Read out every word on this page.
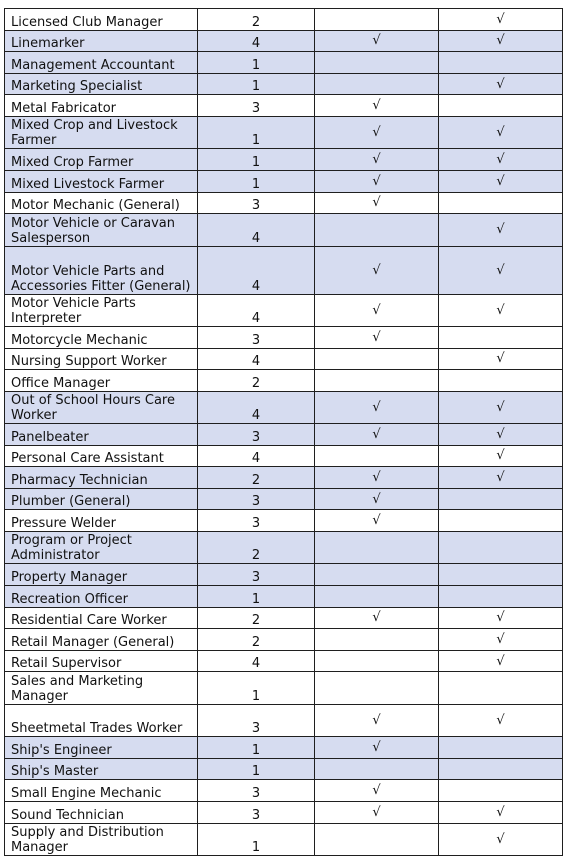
Licensed Club Manager	2		√
Linemarker	4	√	√
Management Accountant	1		
Marketing Specialist	1		√
Metal Fabricator	3	√	
Mixed Crop and Livestock Farmer	1	√	√
Mixed Crop Farmer	1	√	√
Mixed Livestock Farmer	1	√	√
Motor Mechanic (General)	3	√	
Motor Vehicle or Caravan Salesperson	4		√
Motor Vehicle Parts and Accessories Fitter (General)	4	√	√
Motor Vehicle Parts Interpreter	4	√	√
Motorcycle Mechanic	3	√	
Nursing Support Worker	4		√
Office Manager	2		
Out of School Hours Care Worker	4	√	√
Panelbeater	3	√	√
Personal Care Assistant	4		√
Pharmacy Technician	2	√	√
Plumber (General)	3	√	
Pressure Welder	3	√	
Program or Project Administrator	2		
Property Manager	3		
Recreation Officer	1		
Residential Care Worker	2	√	√
Retail Manager (General)	2		√
Retail Supervisor	4		√
Sales and Marketing Manager	1		
Sheetmetal Trades Worker	3	√	√
Ship's Engineer	1	√	
Ship's Master	1		
Small Engine Mechanic	3	√	
Sound Technician	3	√	√
Supply and Distribution Manager	1		√
